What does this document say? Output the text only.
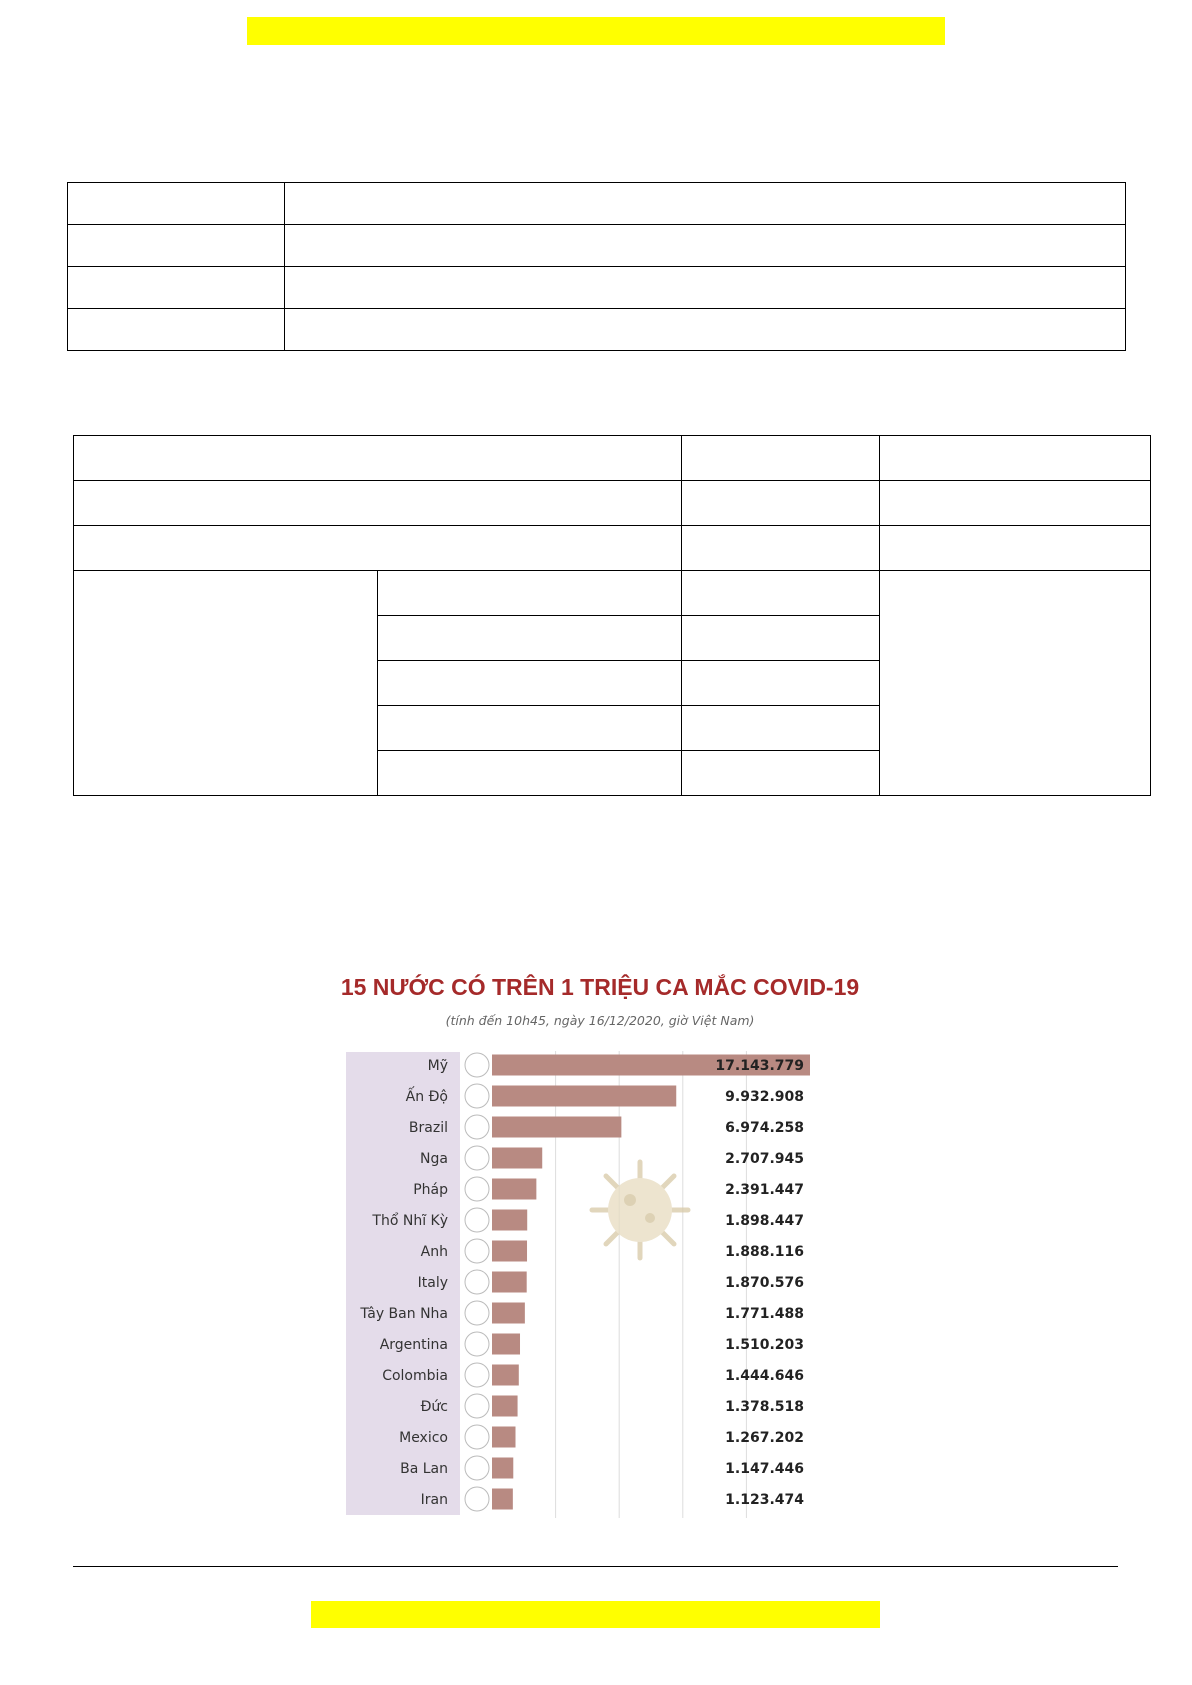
15 NƯỚC CÓ TRÊN 1 TRIỆU CA MẮC COVID-19
(tính đến 10h45, ngày 16/12/2020, giờ Việt Nam)
Mỹ	17.143.779
Ấn Độ	9.932.908
Brazil	6.974.258
Nga	2.707.945
Pháp	2.391.447
Thổ Nhĩ Kỳ	1.898.447
Anh	1.888.116
Italy	1.870.576
Tây Ban Nha	1.771.488
Argentina	1.510.203
Colombia	1.444.646
Đức	1.378.518
Mexico	1.267.202
Ba Lan	1.147.446
Iran	1.123.474
